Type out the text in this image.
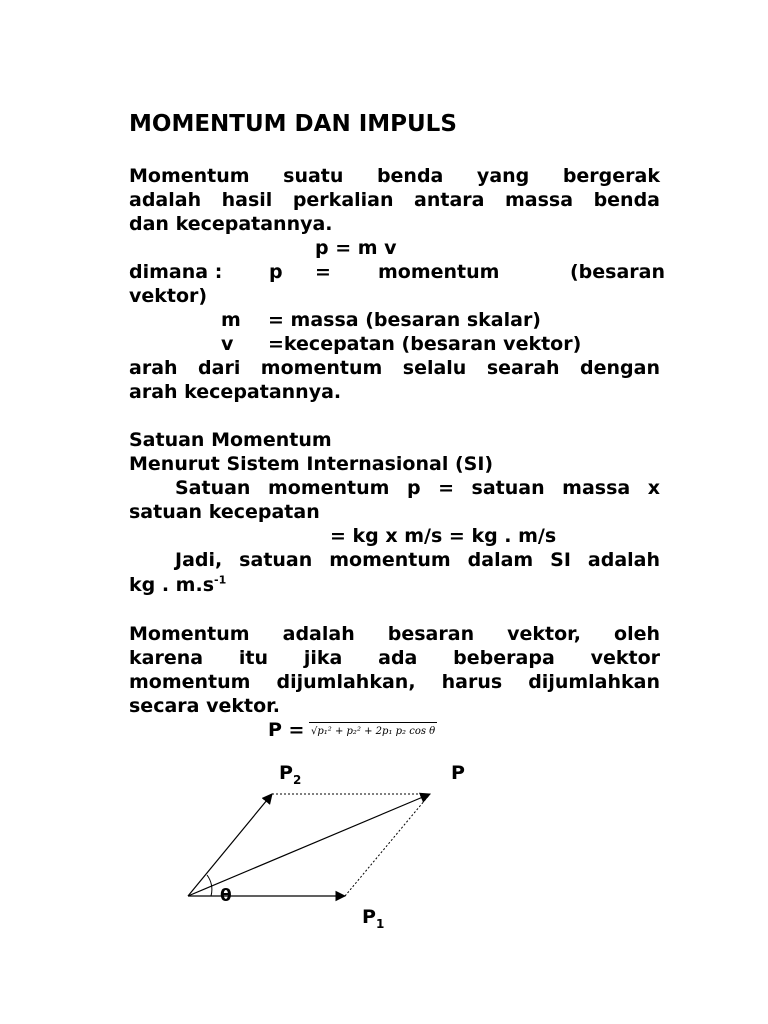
MOMENTUM DAN IMPULS
Momentum suatu benda yang bergerak
adalah hasil perkalian antara massa benda
dan kecepatannya.
p = m v
dimana : p = momentum	(besaran
vektor)
m = massa (besaran skalar)
v =kecepatan (besaran vektor)
arah dari momentum selalu searah dengan
arah kecepatannya.
Satuan Momentum
Menurut Sistem Internasional (SI)
Satuan momentum p = satuan massa x
satuan kecepatan
= kg x m/s = kg . m/s
Jadi, satuan momentum dalam SI adalah
kg . $m.s^{-1}$
Momentum adalah besaran vektor, oleh
karena itu jika ada beberapa vektor
momentum dijumlahkan, harus dijumlahkan
secara vektor.
P = √p₁² + p₂² + 2p₁ p₂ cos θ
$P_2$	P
θ
$P_1$
